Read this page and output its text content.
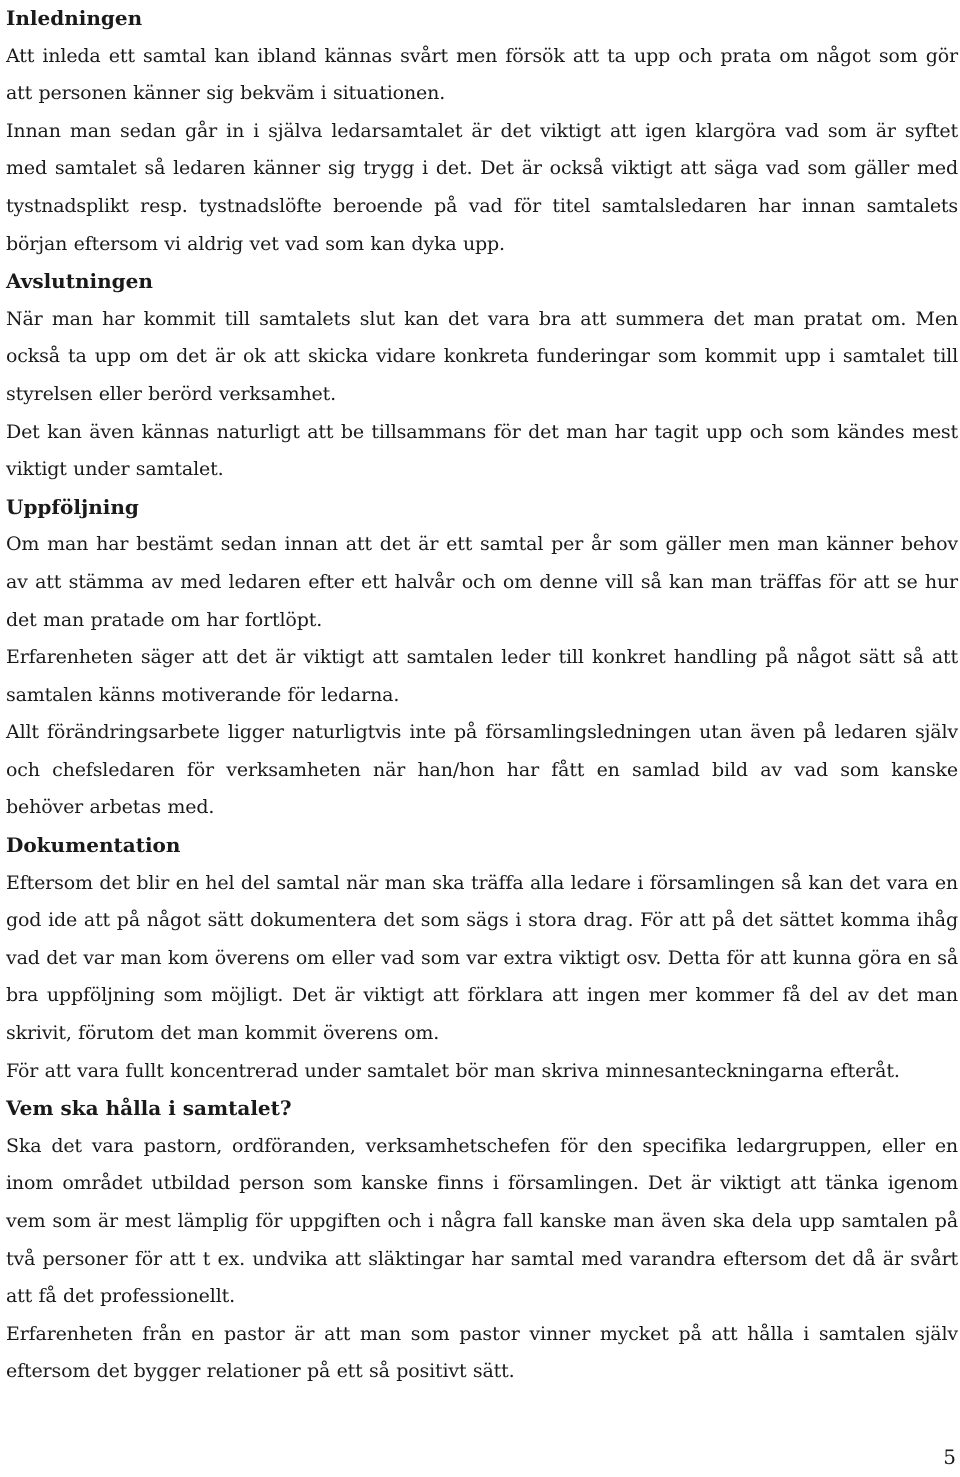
Inledningen

Att inleda ett samtal kan ibland kännas svårt men försök att ta upp och prata om något som gör att personen känner sig bekväm i situationen.

Innan man sedan går in i själva ledarsamtalet är det viktigt att igen klargöra vad som är syftet med samtalet så ledaren känner sig trygg i det. Det är också viktigt att säga vad som gäller med tystnadsplikt resp. tystnadslöfte beroende på vad för titel samtalsledaren har innan samtalets början eftersom vi aldrig vet vad som kan dyka upp.

Avslutningen

När man har kommit till samtalets slut kan det vara bra att summera det man pratat om. Men också ta upp om det är ok att skicka vidare konkreta funderingar som kommit upp i samtalet till styrelsen eller berörd verksamhet.

Det kan även kännas naturligt att be tillsammans för det man har tagit upp och som kändes mest viktigt under samtalet.

Uppföljning

Om man har bestämt sedan innan att det är ett samtal per år som gäller men man känner behov av att stämma av med ledaren efter ett halvår och om denne vill så kan man träffas för att se hur det man pratade om har fortlöpt.

Erfarenheten säger att det är viktigt att samtalen leder till konkret handling på något sätt så att samtalen känns motiverande för ledarna.

Allt förändringsarbete ligger naturligtvis inte på församlingsledningen utan även på ledaren själv och chefsledaren för verksamheten när han/hon har fått en samlad bild av vad som kanske behöver arbetas med.

Dokumentation

Eftersom det blir en hel del samtal när man ska träffa alla ledare i församlingen så kan det vara en god ide att på något sätt dokumentera det som sägs i stora drag. För att på det sättet komma ihåg vad det var man kom överens om eller vad som var extra viktigt osv. Detta för att kunna göra en så bra uppföljning som möjligt. Det är viktigt att förklara att ingen mer kommer få del av det man skrivit, förutom det man kommit överens om.

För att vara fullt koncentrerad under samtalet bör man skriva minnesanteckningarna efteråt.

Vem ska hålla i samtalet?

Ska det vara pastorn, ordföranden, verksamhetschefen för den specifika ledargruppen, eller en inom området utbildad person som kanske finns i församlingen. Det är viktigt att tänka igenom vem som är mest lämplig för uppgiften och i några fall kanske man även ska dela upp samtalen på två personer för att t ex. undvika att släktingar har samtal med varandra eftersom det då är svårt att få det professionellt.

Erfarenheten från en pastor är att man som pastor vinner mycket på att hålla i samtalen själv eftersom det bygger relationer på ett så positivt sätt.

5
